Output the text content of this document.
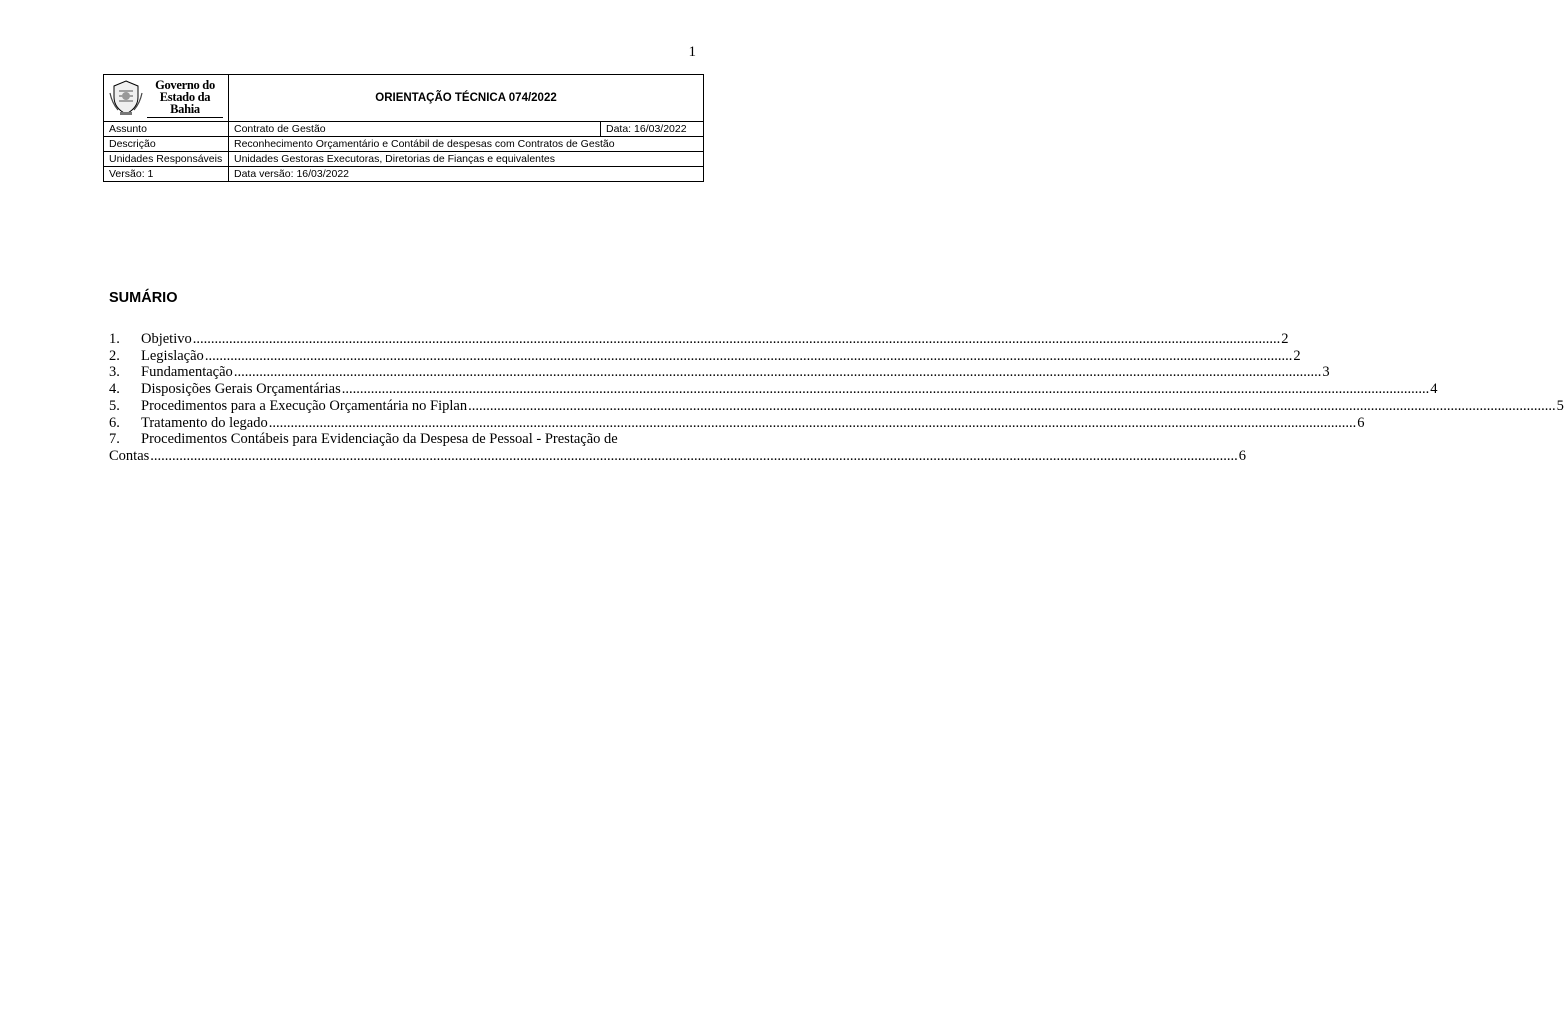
1
Governo do
Estado da Bahia	ORIENTAÇÃO TÉCNICA 074/2022	
Assunto	Contrato de Gestão	Data: 16/03/2022
Descrição	Reconhecimento Orçamentário e Contábil de despesas com Contratos de Gestão	
Unidades Responsáveis	Unidades Gestoras Executoras, Diretorias de Fianças e equivalentes	
Versão: 1	Data versão: 16/03/2022	
SUMÁRIO
1.	Objetivo ............................................................................................................................................................................................................................................................................................................ 2
2.	Legislação ............................................................................................................................................................................................................................................................................................................ 2
3.	Fundamentação ............................................................................................................................................................................................................................................................................................................ 3
4.	Disposições Gerais Orçamentárias ............................................................................................................................................................................................................................................................................................................ 4
5.	Procedimentos para a Execução Orçamentária no Fiplan ............................................................................................................................................................................................................................................................................................................ 5
6.	Tratamento do legado ............................................................................................................................................................................................................................................................................................................ 6
7.	Procedimentos Contábeis para Evidenciação da Despesa de Pessoal - Prestação de
Contas ............................................................................................................................................................................................................................................................................................................ 6
